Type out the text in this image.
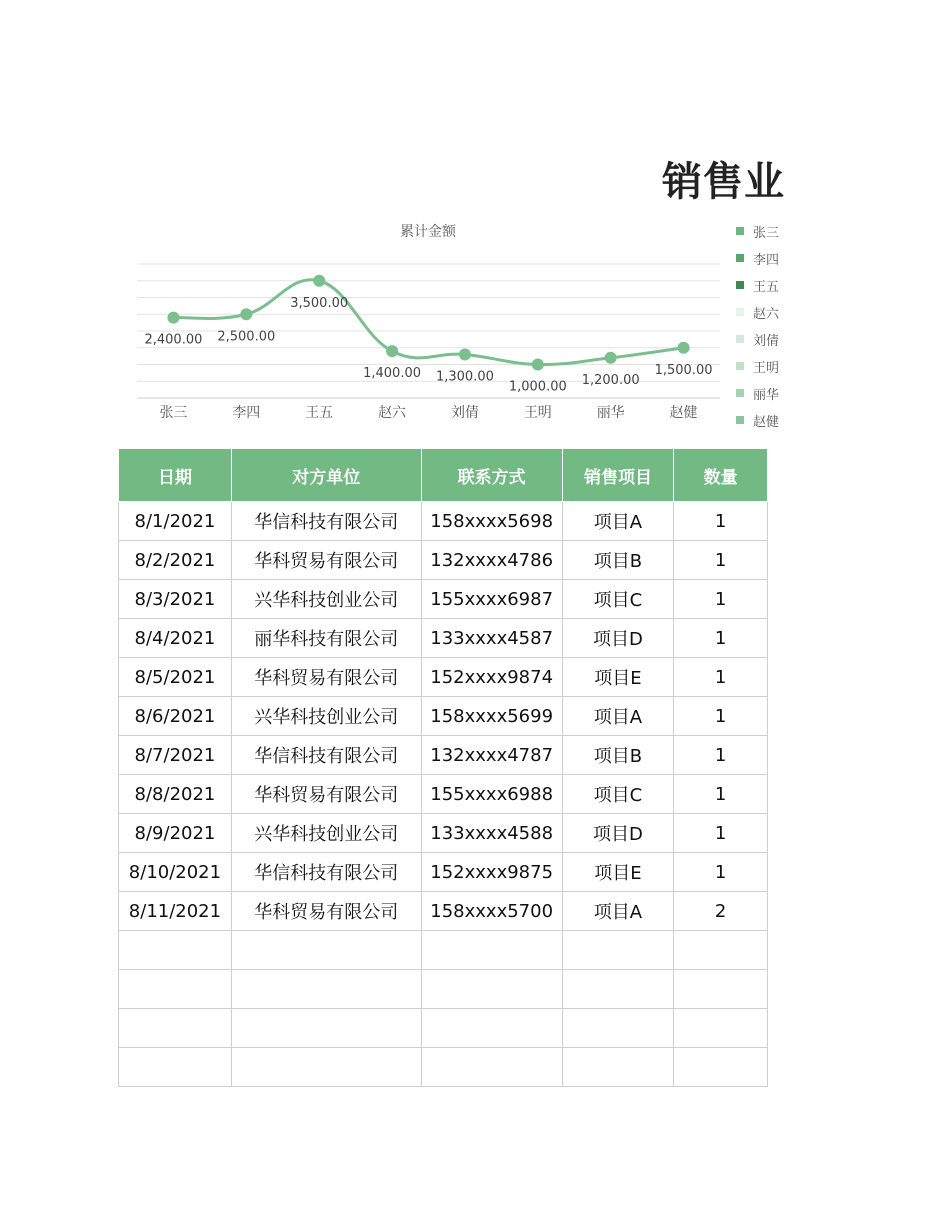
销售业
累计金额
2,400.00
张三
2,500.00
李四
3,500.00
王五
1,400.00
赵六
1,300.00
刘倩
1,000.00
王明
1,200.00
丽华
1,500.00
赵健
张三
李四
王五
赵六
刘倩
王明
丽华
赵健
日期	对方单位	联系方式	销售项目	数量
8/1/2021	华信科技有限公司	158xxxx5698	项目A	1
8/2/2021	华科贸易有限公司	132xxxx4786	项目B	1
8/3/2021	兴华科技创业公司	155xxxx6987	项目C	1
8/4/2021	丽华科技有限公司	133xxxx4587	项目D	1
8/5/2021	华科贸易有限公司	152xxxx9874	项目E	1
8/6/2021	兴华科技创业公司	158xxxx5699	项目A	1
8/7/2021	华信科技有限公司	132xxxx4787	项目B	1
8/8/2021	华科贸易有限公司	155xxxx6988	项目C	1
8/9/2021	兴华科技创业公司	133xxxx4588	项目D	1
8/10/2021	华信科技有限公司	152xxxx9875	项目E	1
8/11/2021	华科贸易有限公司	158xxxx5700	项目A	2
